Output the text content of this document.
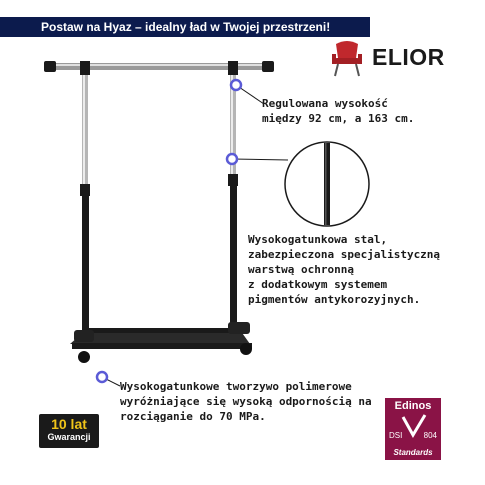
Postaw na Hyaz – idealny ład w Twojej przestrzeni!
ELIOR
Regulowana wysokość
między 92 cm, a 163 cm.
Wysokogatunkowa stal,
zabezpieczona specjalistyczną
warstwą ochronną
z dodatkowym systemem
pigmentów antykorozyjnych.
Wysokogatunkowe tworzywo polimerowe
wyróżniające się wysoką odpornością na
rozciąganie do 70 MPa.
10 lat
Gwarancji
Edinos
DSI	804
Standards
